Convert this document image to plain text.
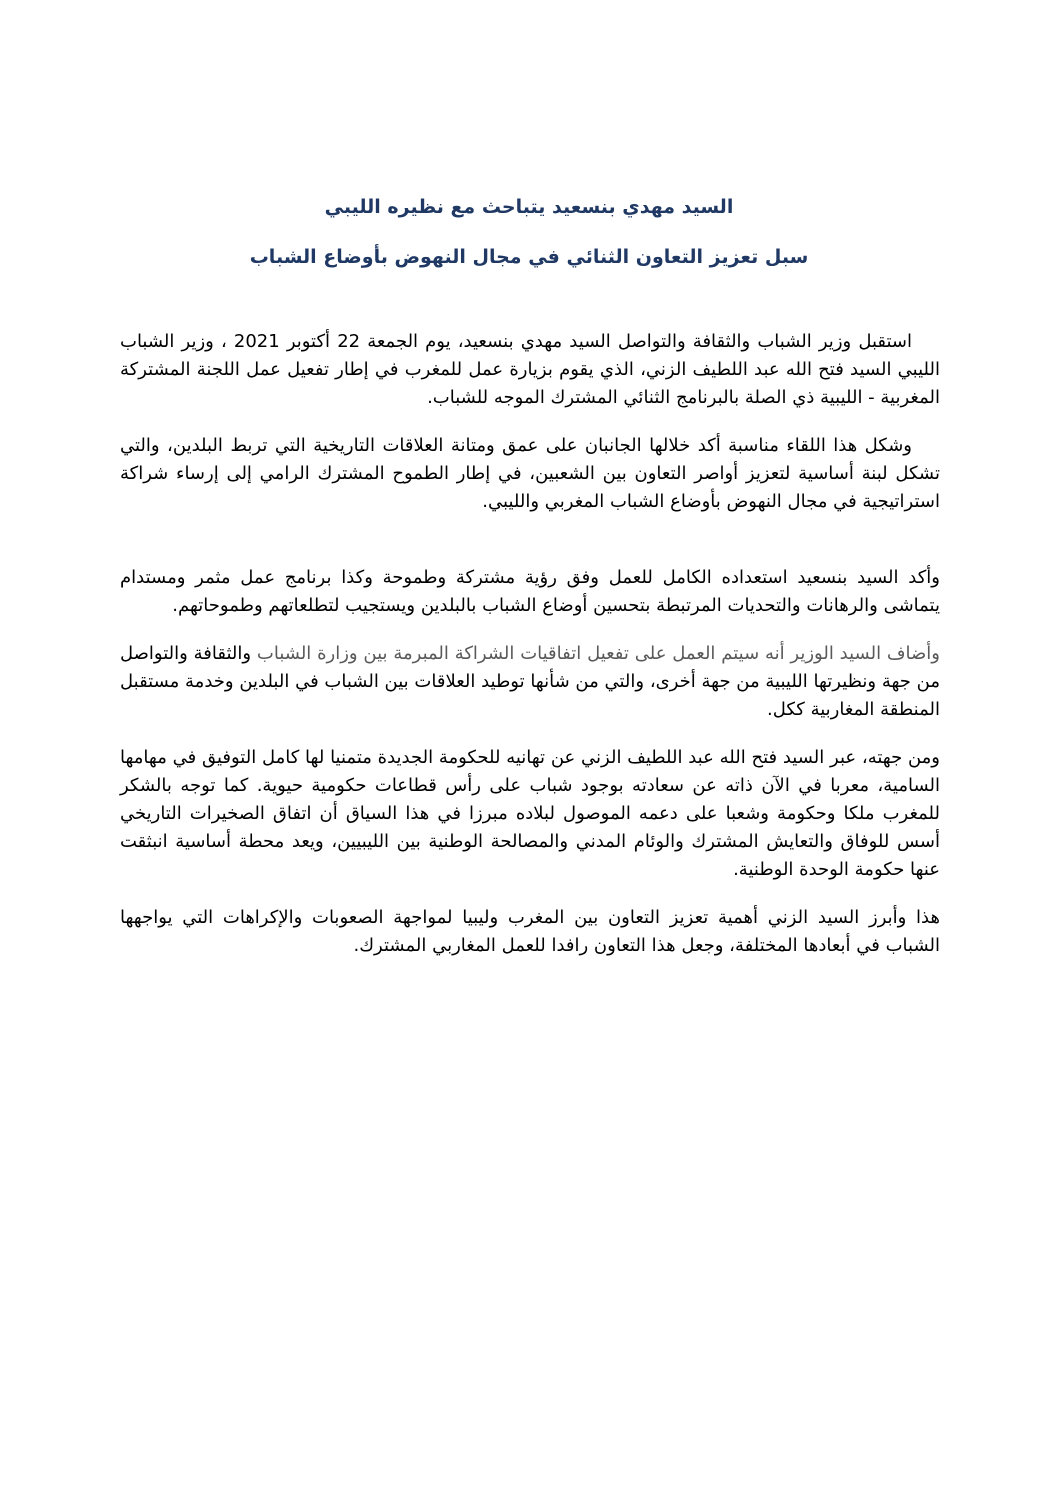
السيد مهدي بنسعيد يتباحث مع نظيره الليبي
سبل تعزيز التعاون الثنائي في مجال النهوض بأوضاع الشباب

استقبل وزير الشباب والثقافة والتواصل السيد مهدي بنسعيد، يوم الجمعة 22 أكتوبر 2021 ، وزير الشباب الليبي السيد فتح الله عبد اللطيف الزني، الذي يقوم بزيارة عمل للمغرب في إطار تفعيل عمل اللجنة المشتركة المغربية - الليبية ذي الصلة بالبرنامج الثنائي المشترك الموجه للشباب.

وشكل هذا اللقاء مناسبة أكد خلالها الجانبان على عمق ومتانة العلاقات التاريخية التي تربط البلدين، والتي تشكل لبنة أساسية لتعزيز أواصر التعاون بين الشعبين، في إطار الطموح المشترك الرامي إلى إرساء شراكة استراتيجية في مجال النهوض بأوضاع الشباب المغربي والليبي.

وأكد السيد بنسعيد استعداده الكامل للعمل وفق رؤية مشتركة وطموحة وكذا برنامج عمل مثمر ومستدام يتماشى والرهانات والتحديات المرتبطة بتحسين أوضاع الشباب بالبلدين ويستجيب لتطلعاتهم وطموحاتهم.

وأضاف السيد الوزير أنه سيتم العمل على تفعيل اتفاقيات الشراكة المبرمة بين وزارة الشباب والثقافة والتواصل من جهة ونظيرتها الليبية من جهة أخرى، والتي من شأنها توطيد العلاقات بين الشباب في البلدين وخدمة مستقبل المنطقة المغاربية ككل.

ومن جهته، عبر السيد فتح الله عبد اللطيف الزني عن تهانيه للحكومة الجديدة متمنيا لها كامل التوفيق في مهامها السامية، معربا في الآن ذاته عن سعادته بوجود شباب على رأس قطاعات حكومية حيوية. كما توجه بالشكر للمغرب ملكا وحكومة وشعبا على دعمه الموصول لبلاده مبرزا في هذا السياق أن اتفاق الصخيرات التاريخي أسس للوفاق والتعايش المشترك والوئام المدني والمصالحة الوطنية بين الليبيين، ويعد محطة أساسية انبثقت عنها حكومة الوحدة الوطنية.

هذا وأبرز السيد الزني أهمية تعزيز التعاون بين المغرب وليبيا لمواجهة الصعوبات والإكراهات التي يواجهها الشباب في أبعادها المختلفة، وجعل هذا التعاون رافدا للعمل المغاربي المشترك.
